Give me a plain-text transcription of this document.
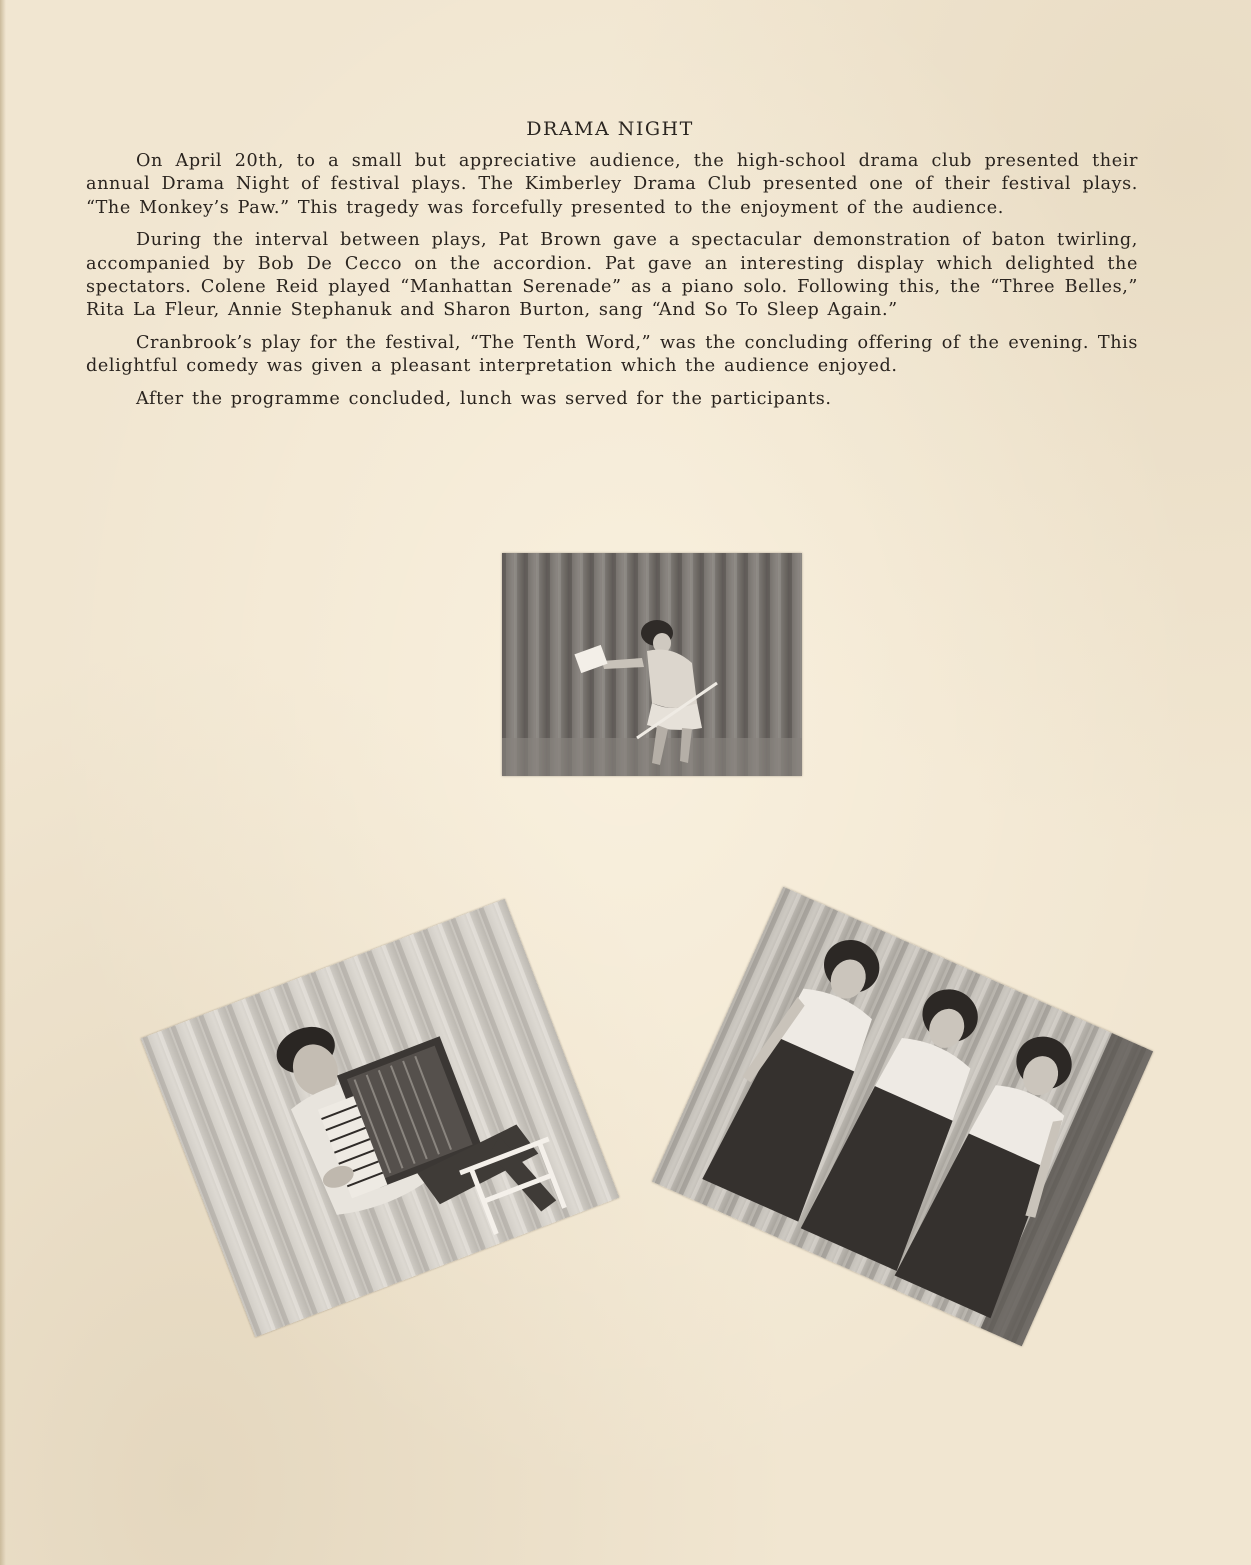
DRAMA NIGHT

On April 20th, to a small but appreciative audience, the high-school drama club presented their annual Drama Night of festival plays. The Kimberley Drama Club presented one of their festival plays. “The Monkey’s Paw.” This tragedy was forcefully presented to the enjoyment of the audience.

During the interval between plays, Pat Brown gave a spectacular demonstration of baton twirling, accompanied by Bob De Cecco on the accordion. Pat gave an interesting display which delighted the spectators. Colene Reid played “Manhattan Serenade” as a piano solo. Following this, the “Three Belles,” Rita La Fleur, Annie Stephanuk and Sharon Burton, sang “And So To Sleep Again.”

Cranbrook’s play for the festival, “The Tenth Word,” was the concluding offering of the evening. This delightful comedy was given a pleasant interpretation which the audience enjoyed.

After the programme concluded, lunch was served for the participants.
